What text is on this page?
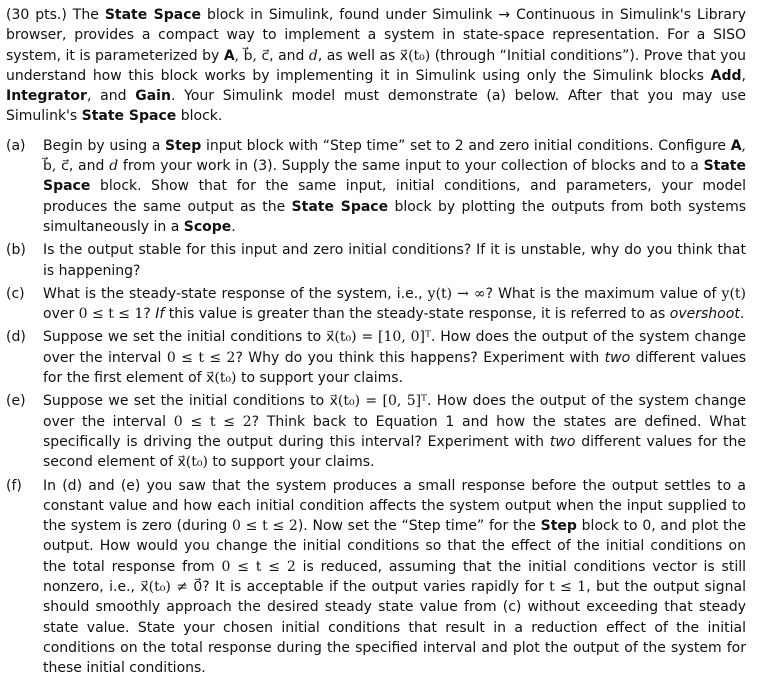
(30 pts.) The State Space block in Simulink, found under Simulink → Continuous in Simulink's Library browser, provides a compact way to implement a system in state-space representation. For a SISO system, it is parameterized by A, b⃗, c⃗, and d, as well as x⃗(t₀) (through “Initial conditions”). Prove that you understand how this block works by implementing it in Simulink using only the Simulink blocks Add, Integrator, and Gain. Your Simulink model must demonstrate (a) below. After that you may use Simulink's State Space block.

(a)	Begin by using a Step input block with “Step time” set to 2 and zero initial conditions. Configure A, b⃗, c⃗, and d from your work in (3). Supply the same input to your collection of blocks and to a State Space block. Show that for the same input, initial conditions, and parameters, your model produces the same output as the State Space block by plotting the outputs from both systems simultaneously in a Scope.
(b)	Is the output stable for this input and zero initial conditions? If it is unstable, why do you think that is happening?
(c)	What is the steady-state response of the system, i.e., y(t) → ∞? What is the maximum value of y(t) over 0 ≤ t ≤ 1? If this value is greater than the steady-state response, it is referred to as overshoot.
(d)	Suppose we set the initial conditions to x⃗(t₀) = [10, 0]ᵀ. How does the output of the system change over the interval 0 ≤ t ≤ 2? Why do you think this happens? Experiment with two different values for the first element of x⃗(t₀) to support your claims.
(e)	Suppose we set the initial conditions to x⃗(t₀) = [0, 5]ᵀ. How does the output of the system change over the interval 0 ≤ t ≤ 2? Think back to Equation 1 and how the states are defined. What specifically is driving the output during this interval? Experiment with two different values for the second element of x⃗(t₀) to support your claims.
(f)	In (d) and (e) you saw that the system produces a small response before the output settles to a constant value and how each initial condition affects the system output when the input supplied to the system is zero (during 0 ≤ t ≤ 2). Now set the “Step time” for the Step block to 0, and plot the output. How would you change the initial conditions so that the effect of the initial conditions on the total response from 0 ≤ t ≤ 2 is reduced, assuming that the initial conditions vector is still nonzero, i.e., x⃗(t₀) ≠ 0⃗? It is acceptable if the output varies rapidly for t ≤ 1, but the output signal should smoothly approach the desired steady state value from (c) without exceeding that steady state value. State your chosen initial conditions that result in a reduction effect of the initial conditions on the total response during the specified interval and plot the output of the system for these initial conditions.
